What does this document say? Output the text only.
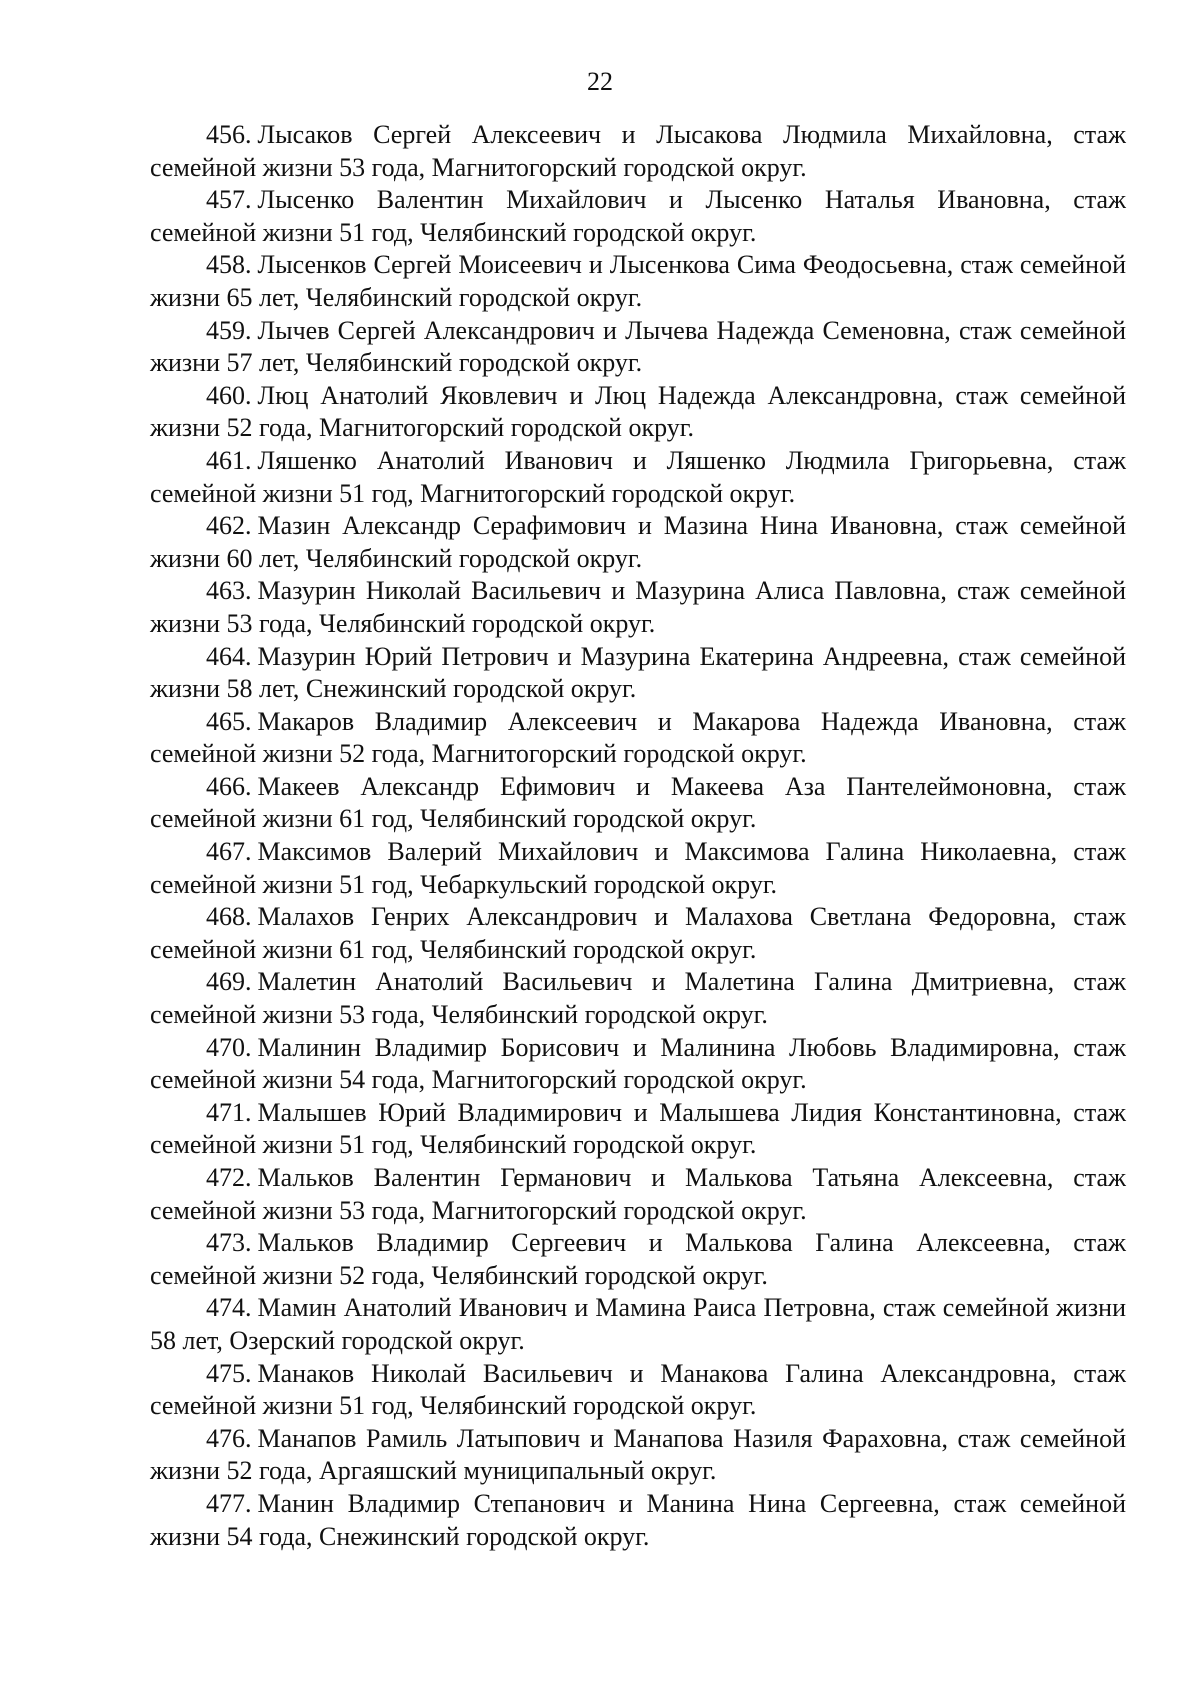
22
456. Лысаков Сергей Алексеевич и Лысакова Людмила Михайловна, стаж семейной жизни 53 года, Магнитогорский городской округ.
457. Лысенко Валентин Михайлович и Лысенко Наталья Ивановна, стаж семейной жизни 51 год, Челябинский городской округ.
458. Лысенков Сергей Моисеевич и Лысенкова Сима Феодосьевна, стаж семейной жизни 65 лет, Челябинский городской округ.
459. Лычев Сергей Александрович и Лычева Надежда Семеновна, стаж семейной жизни 57 лет, Челябинский городской округ.
460. Люц Анатолий Яковлевич и Люц Надежда Александровна, стаж семейной жизни 52 года, Магнитогорский городской округ.
461. Ляшенко Анатолий Иванович и Ляшенко Людмила Григорьевна, стаж семейной жизни 51 год, Магнитогорский городской округ.
462. Мазин Александр Серафимович и Мазина Нина Ивановна, стаж семейной жизни 60 лет, Челябинский городской округ.
463. Мазурин Николай Васильевич и Мазурина Алиса Павловна, стаж семейной жизни 53 года, Челябинский городской округ.
464. Мазурин Юрий Петрович и Мазурина Екатерина Андреевна, стаж семейной жизни 58 лет, Снежинский городской округ.
465. Макаров Владимир Алексеевич и Макарова Надежда Ивановна, стаж семейной жизни 52 года, Магнитогорский городской округ.
466. Макеев Александр Ефимович и Макеева Аза Пантелеймоновна, стаж семейной жизни 61 год, Челябинский городской округ.
467. Максимов Валерий Михайлович и Максимова Галина Николаевна, стаж семейной жизни 51 год, Чебаркульский городской округ.
468. Малахов Генрих Александрович и Малахова Светлана Федоровна, стаж семейной жизни 61 год, Челябинский городской округ.
469. Малетин Анатолий Васильевич и Малетина Галина Дмитриевна, стаж семейной жизни 53 года, Челябинский городской округ.
470. Малинин Владимир Борисович и Малинина Любовь Владимировна, стаж семейной жизни 54 года, Магнитогорский городской округ.
471. Малышев Юрий Владимирович и Малышева Лидия Константиновна, стаж семейной жизни 51 год, Челябинский городской округ.
472. Мальков Валентин Германович и Малькова Татьяна Алексеевна, стаж семейной жизни 53 года, Магнитогорский городской округ.
473. Мальков Владимир Сергеевич и Малькова Галина Алексеевна, стаж семейной жизни 52 года, Челябинский городской округ.
474. Мамин Анатолий Иванович и Мамина Раиса Петровна, стаж семейной жизни 58 лет, Озерский городской округ.
475. Манаков Николай Васильевич и Манакова Галина Александровна, стаж семейной жизни 51 год, Челябинский городской округ.
476. Манапов Рамиль Латыпович и Манапова Назиля Фараховна, стаж семейной жизни 52 года, Аргаяшский муниципальный округ.
477. Манин Владимир Степанович и Манина Нина Сергеевна, стаж семейной жизни 54 года, Снежинский городской округ.
